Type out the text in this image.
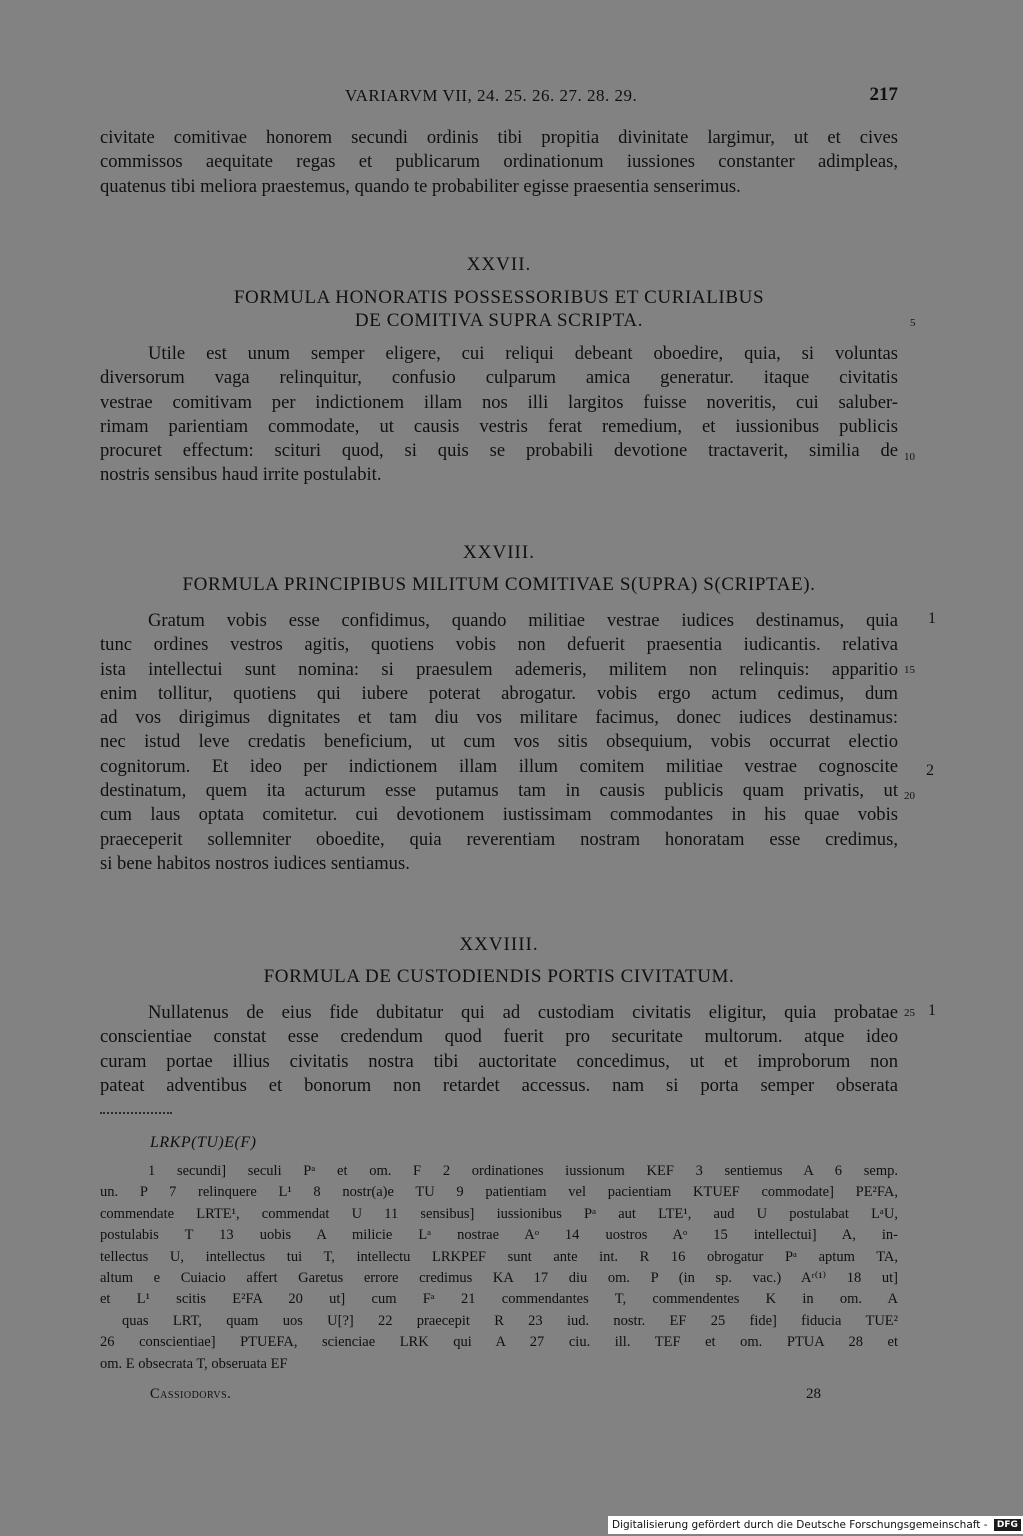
VARIARVM VII, 24. 25. 26. 27. 28. 29.	217
civitate comitivae honorem secundi ordinis tibi propitia divinitate largimur, ut et cives
commissos aequitate regas et publicarum ordinationum iussiones constanter adimpleas,
quatenus tibi meliora praestemus, quando te probabiliter egisse praesentia senserimus.
XXVII.
FORMULA HONORATIS POSSESSORIBUS ET CURIALIBUS
DE COMITIVA SUPRA SCRIPTA.
Utile est unum semper eligere, cui reliqui debeant oboedire, quia, si voluntas
diversorum vaga relinquitur, confusio culparum amica generatur. itaque civitatis
vestrae comitivam per indictionem illam nos illi largitos fuisse noveritis, cui saluber-
rimam parientiam commodate, ut causis vestris ferat remedium, et iussionibus publicis
procuret effectum: sciturі quod, si quis se probabili devotione tractaverit, similia de
nostris sensibus haud irrite postulabit.
XXVIII.
FORMULA PRINCIPIBUS MILITUM COMITIVAE S(UPRA) S(CRIPTAE).
Gratum vobis esse confidimus, quando militiae vestrae iudices destinamus, quia
tunc ordines vestros agitis, quotiens vobis non defuerit praesentia iudicantis. relativa
ista intellectui sunt nomina: si praesulem ademeris, militem non relinquis: apparitio
enim tollitur, quotiens qui iubere poterat abrogatur. vobis ergo actum cedimus, dum
ad vos dirigimus dignitates et tam diu vos militare facimus, donec iudices destinamus:
nec istud leve credatis beneficium, ut cum vos sitis obsequium, vobis occurrat electio
cognitorum. Et ideo per indictionem illam illum comitem militiae vestrae cognoscite
destinatum, quem ita acturum esse putamus tam in causis publicis quam privatis, ut
cum laus optata comitetur. cui devotionem iustissimam commodantes in his quae vobis
praeceperit sollemniter oboedite, quia reverentiam nostram honoratam esse credimus,
si bene habitos nostros iudices sentiamus.
XXVIIII.
FORMULA DE CUSTODIENDIS PORTIS CIVITATUM.
Nullatenus de eius fide dubitatur qui ad custodiam civitatis eligitur, quia probatae
conscientiae constat esse credendum quod fuerit pro securitate multorum. atque ideo
curam portae illius civitatis nostra tibi auctoritate concedimus, ut et improborum non
pateat adventibus et bonorum non retardet accessus. nam si porta semper obserata
5
10
15
20
25
1
2
1
LRKP(TU)E(F)
1 secundi] seculi Pᵃ et om. F 2 ordinationes iussionum KEF 3 sentiemus A 6 semp.
un. P 7 relinquere L¹ 8 nostr(a)e TU 9 patientiam vel pacientiam KTUEF commodate] PE²FA,
commendate LRTE¹, commendat U 11 sensibus] iussionibus Pᵃ aut LTE¹, aud U postulabat LᵃU,
postulabis T 13 uobis A milicie Lᵃ nostrae Aᵒ 14 uostros Aᵒ 15 intellectui] A, in-
tellectus U, intellectus tui T, intellectu LRKPEF sunt ante int. R 16 obrogatur Pᵃ aptum TA,
altum e Cuiacio affert Garetus errore credimus KA 17 diu om. P (in sp. vac.) Aʳ⁽¹⁾ 18 ut]
et L¹ scitis E²FA 20 ut] cum Fᵃ 21 commendantes T, commendentes K in om. A
quas LRT, quam uos U[?] 22 praecepit R 23 iud. nostr. EF 25 fide] fiducia TUE²
26 conscientiae] PTUEFA, scienciae LRK qui A 27 ciu. ill. TEF et om. PTUA 28 et
om. E obsecrata T, obseruata EF
Cassiodorvs.	28
Digitalisierung gefördert durch die Deutsche Forschungsgemeinschaft - DFG
